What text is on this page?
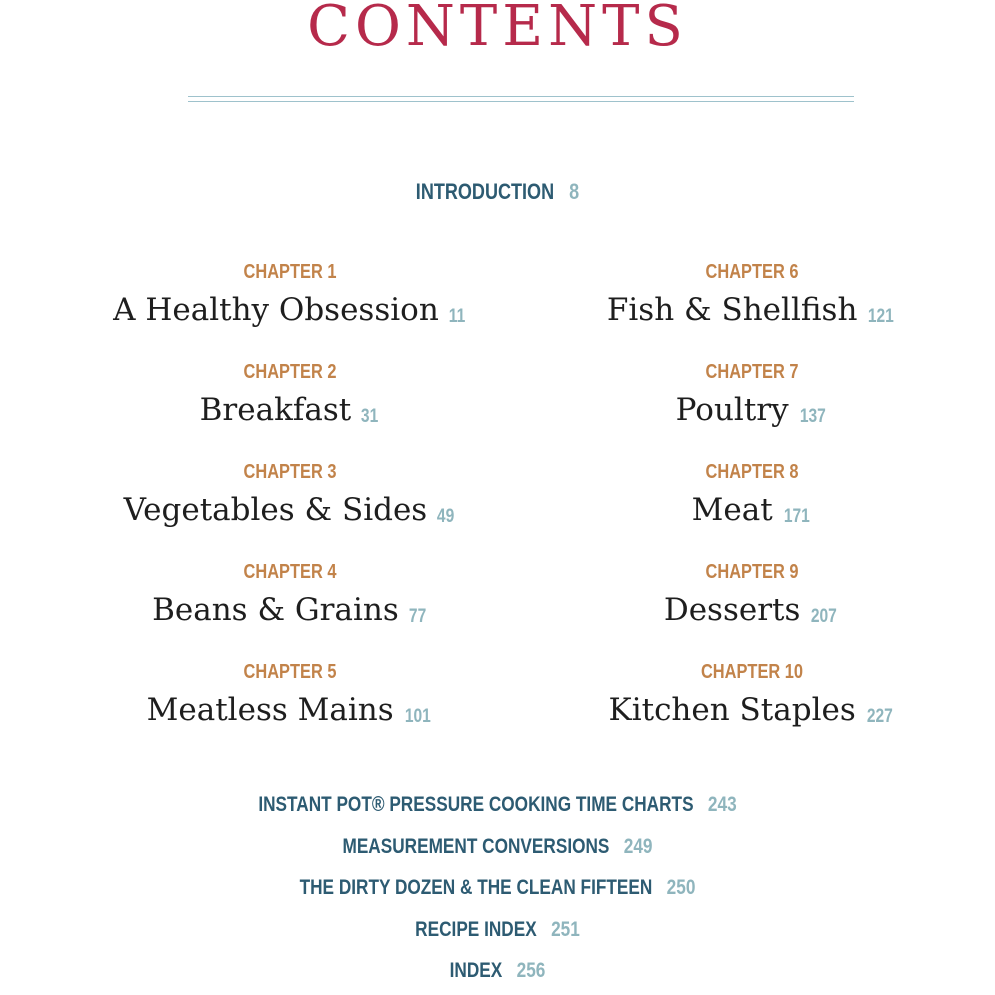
CONTENTS
INTRODUCTION 8
CHAPTER 1
A Healthy Obsession 11
CHAPTER 2
Breakfast 31
CHAPTER 3
Vegetables & Sides 49
CHAPTER 4
Beans & Grains 77
CHAPTER 5
Meatless Mains 101
CHAPTER 6
Fish & Shellfish 121
CHAPTER 7
Poultry 137
CHAPTER 8
Meat 171
CHAPTER 9
Desserts 207
CHAPTER 10
Kitchen Staples 227
INSTANT POT® PRESSURE COOKING TIME CHARTS 243
MEASUREMENT CONVERSIONS 249
THE DIRTY DOZEN & THE CLEAN FIFTEEN 250
RECIPE INDEX 251
INDEX 256
